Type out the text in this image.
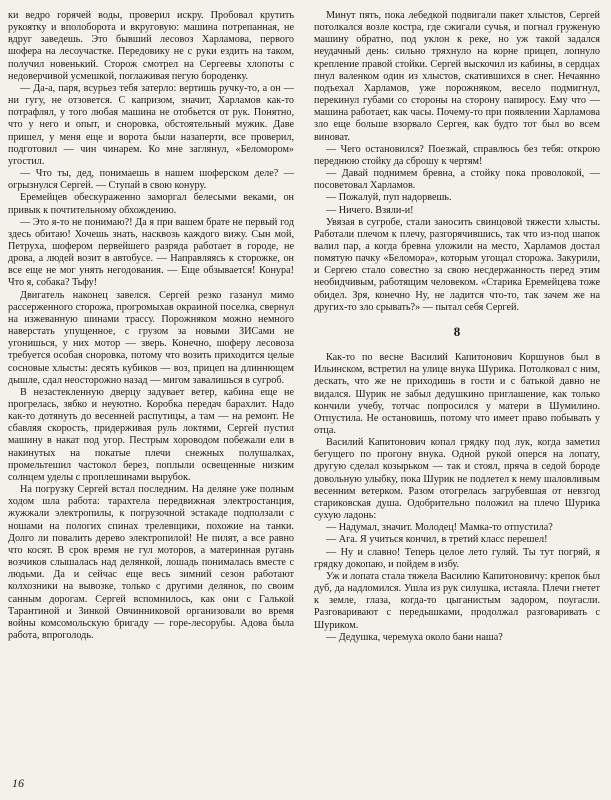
ки ведро горячей воды, проверил искру. Пробовал крутить рукоятку и вполоборота и вкруговую: машина потрепанная, не вдруг заведешь. Это бывший лесовоз Харламова, первого шофера на лесоучастке. Передовику не с руки ездить на таком, получил новенький. Сторож смотрел на Сергеевы хлопоты с недоверчивой усмешкой, поглаживая пегую бороденку.

— Да-а, паря, всурьез тебя затерло: вертишь ручку-то, а он — ни гугу, не отзовется. С капризом, значит, Харламов как-то потрафлял, у того любая машина не отобьется от рук. Понятно, что у него и опыт, и сноровка, обстоятельный мужик. Даве пришел, у меня еще и ворота были назаперти, все проверил, подготовил — чин чинарем. Ко мне заглянул, «Беломором» угостил.

— Что ты, дед, понимаешь в нашем шоферском деле? — огрызнулся Сергей. — Ступай в свою конуру.

Еремейцев обескураженно заморгал белесыми веками, он привык к почтительному обхождению.

— Это я-то не понимаю?! Да я при вашем брате не первый год здесь обитаю! Хочешь знать, насквозь каждого вижу. Сын мой, Петруха, шофером первейшего разряда работает в городе, не дрова, а людей возит в автобусе. — Направляясь к сторожке, он все еще не мог унять негодования. — Еще обзывается! Конура! Что я, собака? Тьфу!

Двигатель наконец завелся. Сергей резко газанул мимо рассерженного сторожа, прогромыхав окраиной поселка, свернул на изжеванную шинами трассу. Порожняком можно немного наверстать упущенное, с грузом за новыми ЗИСами не угонишься, у них мотор — зверь. Конечно, шоферу лесовоза требуется особая сноровка, потому что возить приходится целые сосновые хлысты: десять кубиков — воз, прицеп на длиннющем дышле, сдал неосторожно назад — мигом завалишься в сугроб.

В незастекленную дверцу задувает ветер, кабина еще не прогрелась, зябко и неуютно. Коробка передач барахлит. Надо как-то дотянуть до весенней распутицы, а там — на ремонт. Не сбавляя скорость, придерживая руль локтями, Сергей пустил машину в накат под угор. Пестрым хороводом побежали ели в накинутых на покатые плечи снежных полушалках, промельтешил частокол берез, поплыли освещенные низким солнцем уделы с проплешинами вырубок.

На погрузку Сергей встал последним. На деляне уже полным ходом шла работа: тарахтела передвижная электростанция, жужжали электропилы, к погрузочной эстакаде подползали с ношами на пологих спинах трелевщики, похожие на танки. Долго ли повалить дерево электропилой! Не пилят, а все равно что косят. В срок время не гул моторов, а материнная ругань возчиков слышалась над делянкой, лошадь понималась вместе с людьми. Да и сейчас еще весь зимний сезон работают колхозники на вывозке, только с другими делянок, по своим санным дорогам. Сергей вспомнилось, как они с Галькой Тарантиной и Зинкой Овчинниковой организовали во время войны комсомольскую бригаду — горе-лесорубы. Адова была работа, впроголодь.

Минут пять, пока лебедкой подвигали пакет хлыстов, Сергей потолкался возле костра, где сжигали сучья, и погнал груженую машину обратно, под уклон к реке, но уж такой задался неудачный день: сильно тряхнуло на корне прицеп, лопнуло крепление правой стойки. Сергей выскочил из кабины, в сердцах пнул валенком один из хлыстов, скатившихся в снег. Нечаянно подъехал Харламов, уже порожняком, весело подмигнул, перекинул губами со стороны на сторону папиросу. Ему что — машина работает, как часы. Почему-то при появлении Харламова зло еще больше взорвало Сергея, как будто тот был во всем виноват.

— Чего остановился? Поезжай, справлюсь без тебя: открою переднюю стойку да сброшу к чертям!

— Давай поднимем бревна, а стойку пока проволокой, — посоветовал Харламов.

— Пожалуй, пуп надорвешь.

— Ничего. Взяли-и!

Увязая в сугробе, стали заносить свинцовой тяжести хлысты. Работали плечом к плечу, разгорячившись, так что из-под шапок валил пар, а когда бревна уложили на место, Харламов достал помятую пачку «Беломора», которым угощал сторожа. Закурили, и Сергею стало совестно за свою несдержанность перед этим необидчивым, работящим человеком. «Старика Еремейцева тоже обидел. Зря, конечно Ну, не ладится что-то, так зачем же на других-то зло срывать?» — пытал себя Сергей.

8

Как-то по весне Василий Капитонович Коршунов был в Ильинском, встретил на улице внука Шурика. Потолковал с ним, дескать, что же не приходишь в гости и с батькой давно не видался. Шурик не забыл дедушкино приглашение, как только кончили учебу, тотчас попросился у матери в Шумилино. Отпустила. Не остановишь, потому что имеет право побывать у отца.

Василий Капитонович копал грядку под лук, когда заметил бегущего по прогону внука. Одной рукой оперся на лопату, другую сделал козырьком — так и стоял, пряча в седой бороде довольную улыбку, пока Шурик не подлетел к нему шаловливым весенним ветерком. Разом отогрелась загрубевшая от невзгод стариковская душа. Одобрительно положил на плечо Шурика сухую ладонь:

— Надумал, значит. Молодец! Мамка-то отпустила?

— Ага. Я учиться кончил, в третий класс перешел!

— Ну и славно! Теперь целое лето гуляй. Ты тут погряй, я грядку докопаю, и пойдем в избу.

Уж и лопата стала тяжела Василию Капитоновичу: крепок был дуб, да надломился. Ушла из рук силушка, истаяла. Плечи гнетет к земле, глаза, когда-то цыганистым задором, поугасли. Разговаривают с передышками, продолжал разговаривать с Шуриком.

— Дедушка, черемуха около бани наша?

16
